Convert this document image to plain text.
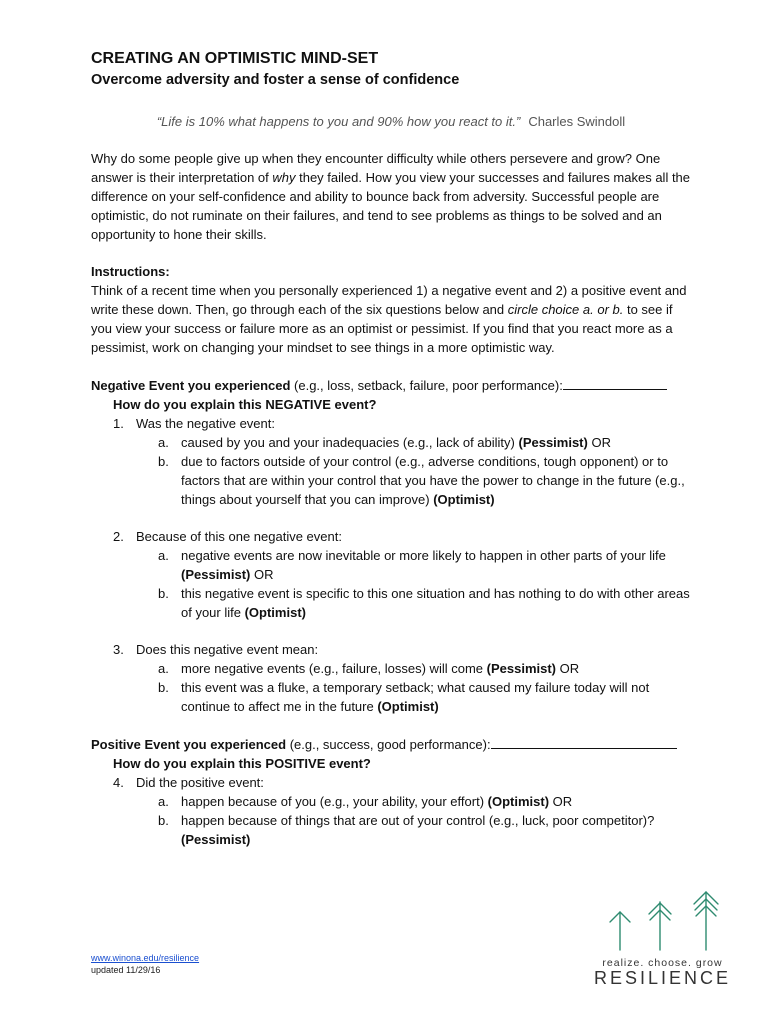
CREATING AN OPTIMISTIC MIND-SET
Overcome adversity and foster a sense of confidence

“Life is 10% what happens to you and 90% how you react to it.” Charles Swindoll

Why do some people give up when they encounter difficulty while others persevere and grow? One answer is their interpretation of why they failed. How you view your successes and failures makes all the difference on your self-confidence and ability to bounce back from adversity. Successful people are optimistic, do not ruminate on their failures, and tend to see problems as things to be solved and an opportunity to hone their skills.

Instructions:

Think of a recent time when you personally experienced 1) a negative event and 2) a positive event and write these down. Then, go through each of the six questions below and circle choice a. or b. to see if you view your success or failure more as an optimist or pessimist. If you find that you react more as a pessimist, work on changing your mindset to see things in a more optimistic way.

Negative Event you experienced (e.g., loss, setback, failure, poor performance):

How do you explain this NEGATIVE event?

1. Was the negative event:
a. caused by you and your inadequacies (e.g., lack of ability) (Pessimist) OR
b. due to factors outside of your control (e.g., adverse conditions, tough opponent) or to factors that are within your control that you have the power to change in the future (e.g., things about yourself that you can improve) (Optimist)
2. Because of this one negative event:
a. negative events are now inevitable or more likely to happen in other parts of your life (Pessimist) OR
b. this negative event is specific to this one situation and has nothing to do with other areas of your life (Optimist)
3. Does this negative event mean:
a. more negative events (e.g., failure, losses) will come (Pessimist) OR
b. this event was a fluke, a temporary setback; what caused my failure today will not continue to affect me in the future (Optimist)

Positive Event you experienced (e.g., success, good performance):

How do you explain this POSITIVE event?

4. Did the positive event:
a. happen because of you (e.g., your ability, your effort) (Optimist) OR
b. happen because of things that are out of your control (e.g., luck, poor competitor)? (Pessimist)
www.winona.edu/resilience
updated 11/29/16
realize. choose. grow
RESILIENCE
